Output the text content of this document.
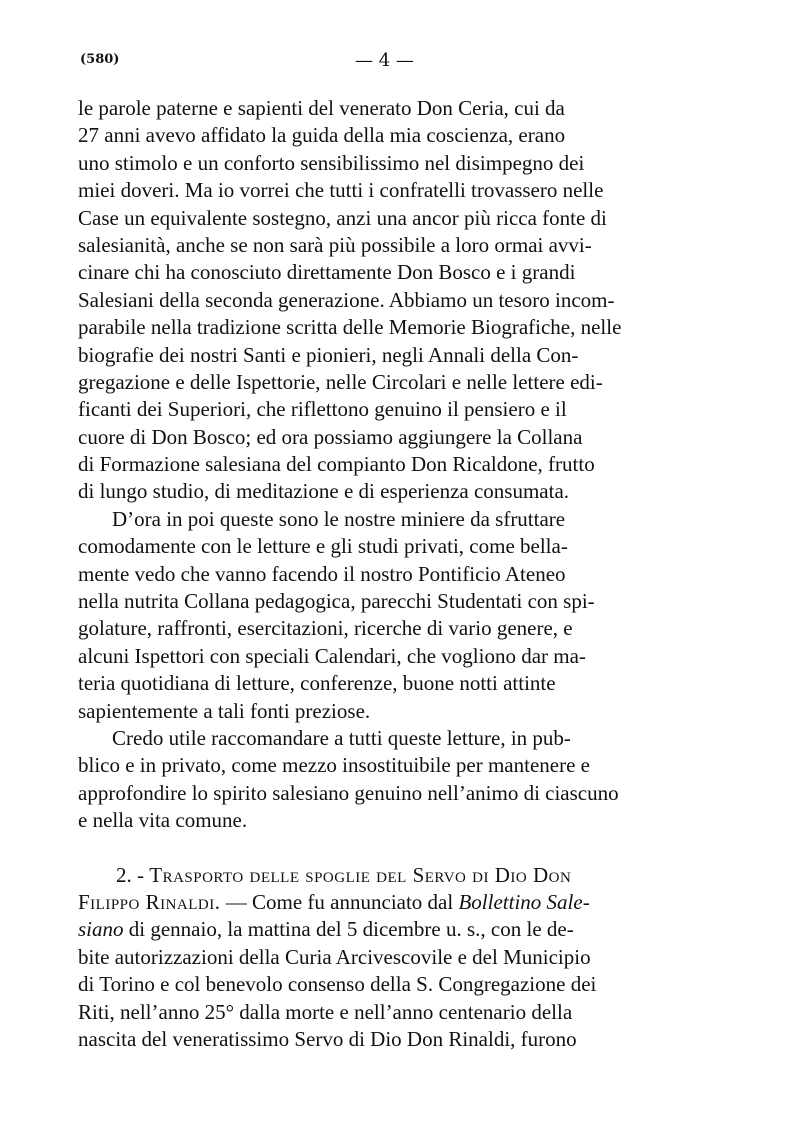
(580)	— 4 —
le parole paterne e sapienti del venerato Don Ceria, cui da
27 anni avevo affidato la guida della mia coscienza, erano
uno stimolo e un conforto sensibilissimo nel disimpegno dei
miei doveri. Ma io vorrei che tutti i confratelli trovassero nelle
Case un equivalente sostegno, anzi una ancor più ricca fonte di
salesianità, anche se non sarà più possibile a loro ormai avvi-
cinare chi ha conosciuto direttamente Don Bosco e i grandi
Salesiani della seconda generazione. Abbiamo un tesoro incom-
parabile nella tradizione scritta delle Memorie Biografiche, nelle
biografie dei nostri Santi e pionieri, negli Annali della Con-
gregazione e delle Ispettorie, nelle Circolari e nelle lettere edi-
ficanti dei Superiori, che riflettono genuino il pensiero e il
cuore di Don Bosco; ed ora possiamo aggiungere la Collana
di Formazione salesiana del compianto Don Ricaldone, frutto
di lungo studio, di meditazione e di esperienza consumata.
D’ora in poi queste sono le nostre miniere da sfruttare
comodamente con le letture e gli studi privati, come bella-
mente vedo che vanno facendo il nostro Pontificio Ateneo
nella nutrita Collana pedagogica, parecchi Studentati con spi-
golature, raffronti, esercitazioni, ricerche di vario genere, e
alcuni Ispettori con speciali Calendari, che vogliono dar ma-
teria quotidiana di letture, conferenze, buone notti attinte
sapientemente a tali fonti preziose.
Credo utile raccomandare a tutti queste letture, in pub-
blico e in privato, come mezzo insostituibile per mantenere e
approfondire lo spirito salesiano genuino nell’animo di ciascuno
e nella vita comune.
2. - Trasporto delle spoglie del Servo di Dio Don
Filippo Rinaldi. — Come fu annunciato dal Bollettino Sale-
siano di gennaio, la mattina del 5 dicembre u. s., con le de-
bite autorizzazioni della Curia Arcivescovile e del Municipio
di Torino e col benevolo consenso della S. Congregazione dei
Riti, nell’anno 25° dalla morte e nell’anno centenario della
nascita del veneratissimo Servo di Dio Don Rinaldi, furono
